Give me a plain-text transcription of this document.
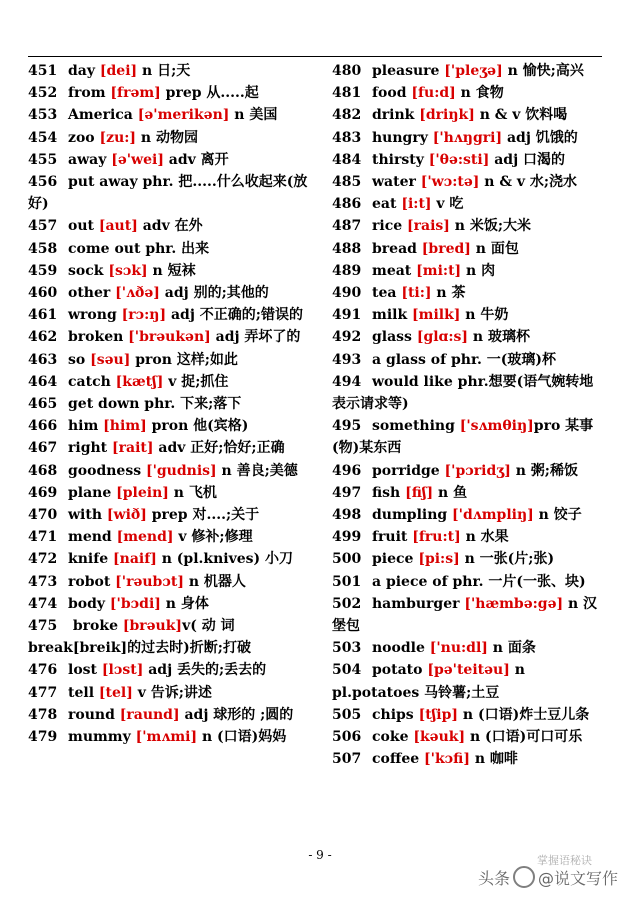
451 day [dei] n 日;天
452 from [frəm] prep 从.....起
453 America [ə'merikən] n 美国
454 zoo [zu:] n 动物园
455 away [ə'wei] adv 离开
456 put away phr. 把.....什么收起来(放好)
457 out [aut] adv 在外
458 come out phr. 出来
459 sock [sɔk] n 短袜
460 other ['ʌðə] adj 别的;其他的
461 wrong [rɔ:ŋ] adj 不正确的;错误的
462 broken ['brəukən] adj 弄坏了的
463 so [səu] pron 这样;如此
464 catch [kætʃ] v 捉;抓住
465 get down phr. 下来;落下
466 him [him] pron 他(宾格)
467 right [rait] adv 正好;恰好;正确
468 goodness ['gudnis] n 善良;美德
469 plane [plein] n 飞机
470 with [wið] prep 对....;关于
471 mend [mend] v 修补;修理
472 knife [naif] n (pl.knives) 小刀
473 robot ['rəubɔt] n 机器人
474 body ['bɔdi] n 身体
475 broke [brəuk]v( 动 词 break[breik]的过去时)折断;打破
476 lost [lɔst] adj 丢失的;丢去的
477 tell [tel] v 告诉;讲述
478 round [raund] adj 球形的 ;圆的
479 mummy ['mʌmi] n (口语)妈妈
480 pleasure ['pleʒə] n 愉快;高兴
481 food [fu:d] n 食物
482 drink [driŋk] n & v 饮料喝
483 hungry ['hʌŋgri] adj 饥饿的
484 thirsty ['θə:sti] adj 口渴的
485 water ['wɔ:tə] n & v 水;浇水
486 eat [i:t] v 吃
487 rice [rais] n 米饭;大米
488 bread [bred] n 面包
489 meat [mi:t] n 肉
490 tea [ti:] n 茶
491 milk [milk] n 牛奶
492 glass [glɑ:s] n 玻璃杯
493 a glass of phr. 一(玻璃)杯
494 would like phr.想要(语气婉转地表示请求等)
495 something ['sʌmθiŋ]pro 某事(物)某东西
496 porridge ['pɔridʒ] n 粥;稀饭
497 fish [fiʃ] n 鱼
498 dumpling ['dʌmpliŋ] n 饺子
499 fruit [fru:t] n 水果
500 piece [pi:s] n 一张(片;张)
501 a piece of phr. 一片(一张、块)
502 hamburger ['hæmbə:gə] n 汉堡包
503 noodle ['nu:dl] n 面条
504 potato [pə'teitəu] n pl.potatoes 马铃薯;土豆
505 chips [tʃip] n (口语)炸士豆儿条
506 coke [kəuk] n (口语)可口可乐
507 coffee ['kɔfi] n 咖啡
- 9 -	掌握语秘诀
头条 @说文写作
